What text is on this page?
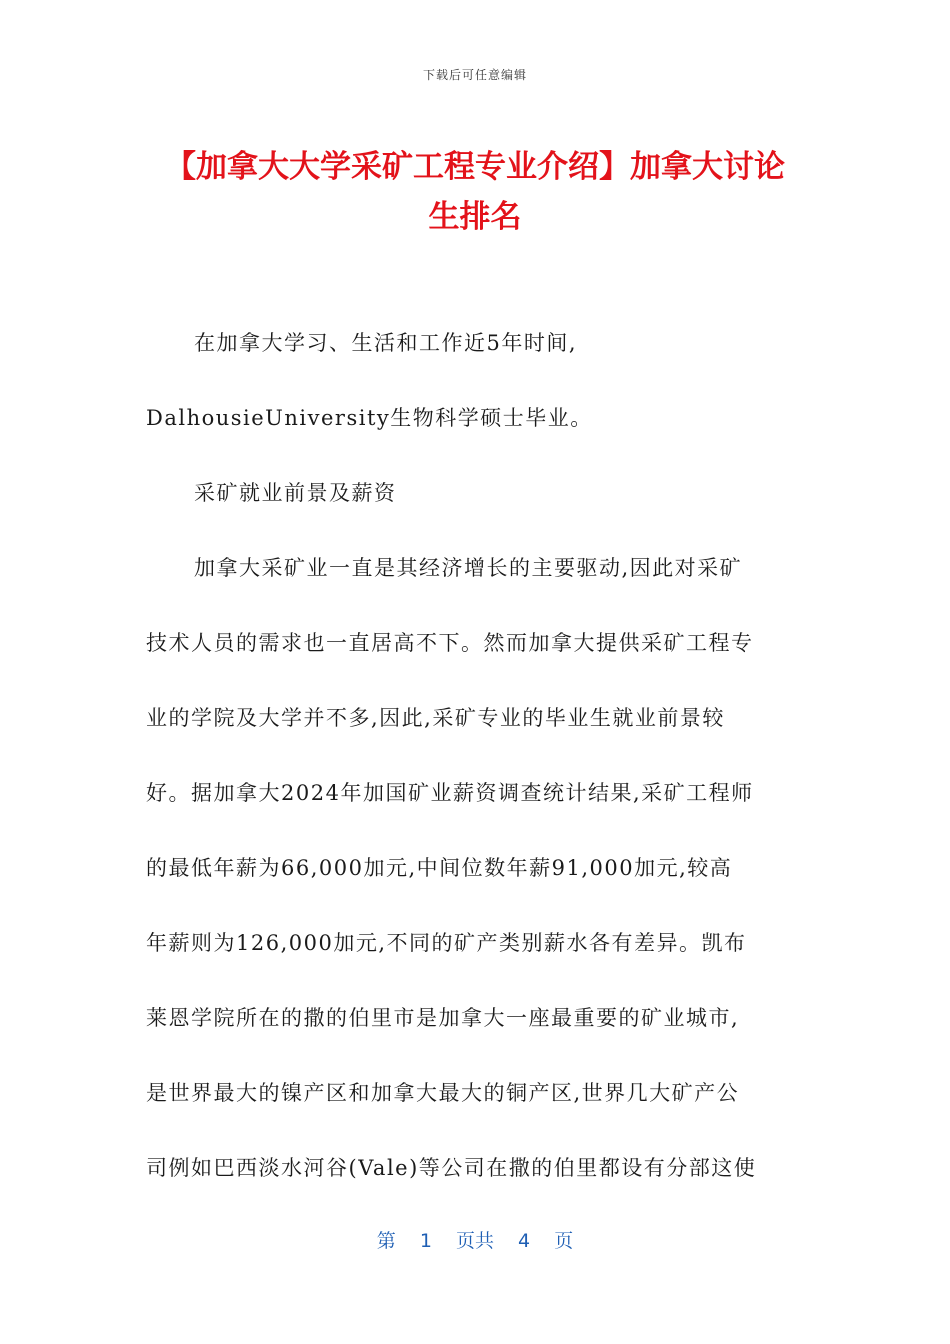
下载后可任意编辑
【加拿大大学采矿工程专业介绍】加拿大讨论生排名
在加拿大学习、生活和工作近5年时间,
DalhousieUniversity生物科学硕士毕业。
采矿就业前景及薪资
加拿大采矿业一直是其经济增长的主要驱动,因此对采矿
技术人员的需求也一直居高不下。然而加拿大提供采矿工程专
业的学院及大学并不多,因此,采矿专业的毕业生就业前景较
好。据加拿大2024年加国矿业薪资调查统计结果,采矿工程师
的最低年薪为66,000加元,中间位数年薪91,000加元,较高
年薪则为126,000加元,不同的矿产类别薪水各有差异。凯布
莱恩学院所在的撒的伯里市是加拿大一座最重要的矿业城市,
是世界最大的镍产区和加拿大最大的铜产区,世界几大矿产公
司例如巴西淡水河谷(Vale)等公司在撒的伯里都设有分部这使
第 1 页共 4 页
